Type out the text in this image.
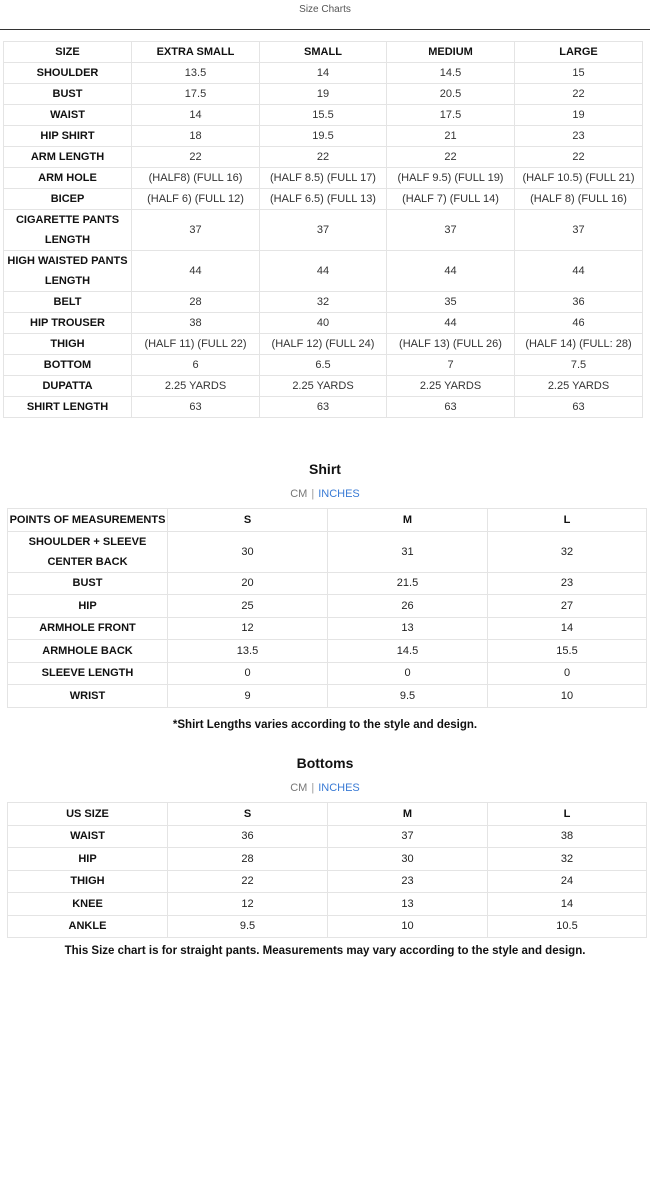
Size Charts
SIZE	EXTRA SMALL	SMALL	MEDIUM	LARGE
SHOULDER	13.5	14	14.5	15
BUST	17.5	19	20.5	22
WAIST	14	15.5	17.5	19
HIP SHIRT	18	19.5	21	23
ARM LENGTH	22	22	22	22
ARM HOLE	(HALF8) (FULL 16)	(HALF 8.5) (FULL 17)	(HALF 9.5) (FULL 19)	(HALF 10.5) (FULL 21)
BICEP	(HALF 6) (FULL 12)	(HALF 6.5) (FULL 13)	(HALF 7) (FULL 14)	(HALF 8) (FULL 16)
CIGARETTE PANTS LENGTH	37	37	37	37
HIGH WAISTED PANTS LENGTH	44	44	44	44
BELT	28	32	35	36
HIP TROUSER	38	40	44	46
THIGH	(HALF 11) (FULL 22)	(HALF 12) (FULL 24)	(HALF 13) (FULL 26)	(HALF 14) (FULL: 28)
BOTTOM	6	6.5	7	7.5
DUPATTA	2.25 YARDS	2.25 YARDS	2.25 YARDS	2.25 YARDS
SHIRT LENGTH	63	63	63	63
Shirt
CM | INCHES
POINTS OF MEASUREMENTS	S	M	L
SHOULDER + SLEEVE CENTER BACK	30	31	32
BUST	20	21.5	23
HIP	25	26	27
ARMHOLE FRONT	12	13	14
ARMHOLE BACK	13.5	14.5	15.5
SLEEVE LENGTH	0	0	0
WRIST	9	9.5	10
*Shirt Lengths varies according to the style and design.
Bottoms
CM | INCHES
US SIZE	S	M	L
WAIST	36	37	38
HIP	28	30	32
THIGH	22	23	24
KNEE	12	13	14
ANKLE	9.5	10	10.5
This Size chart is for straight pants. Measurements may vary according to the style and design.
